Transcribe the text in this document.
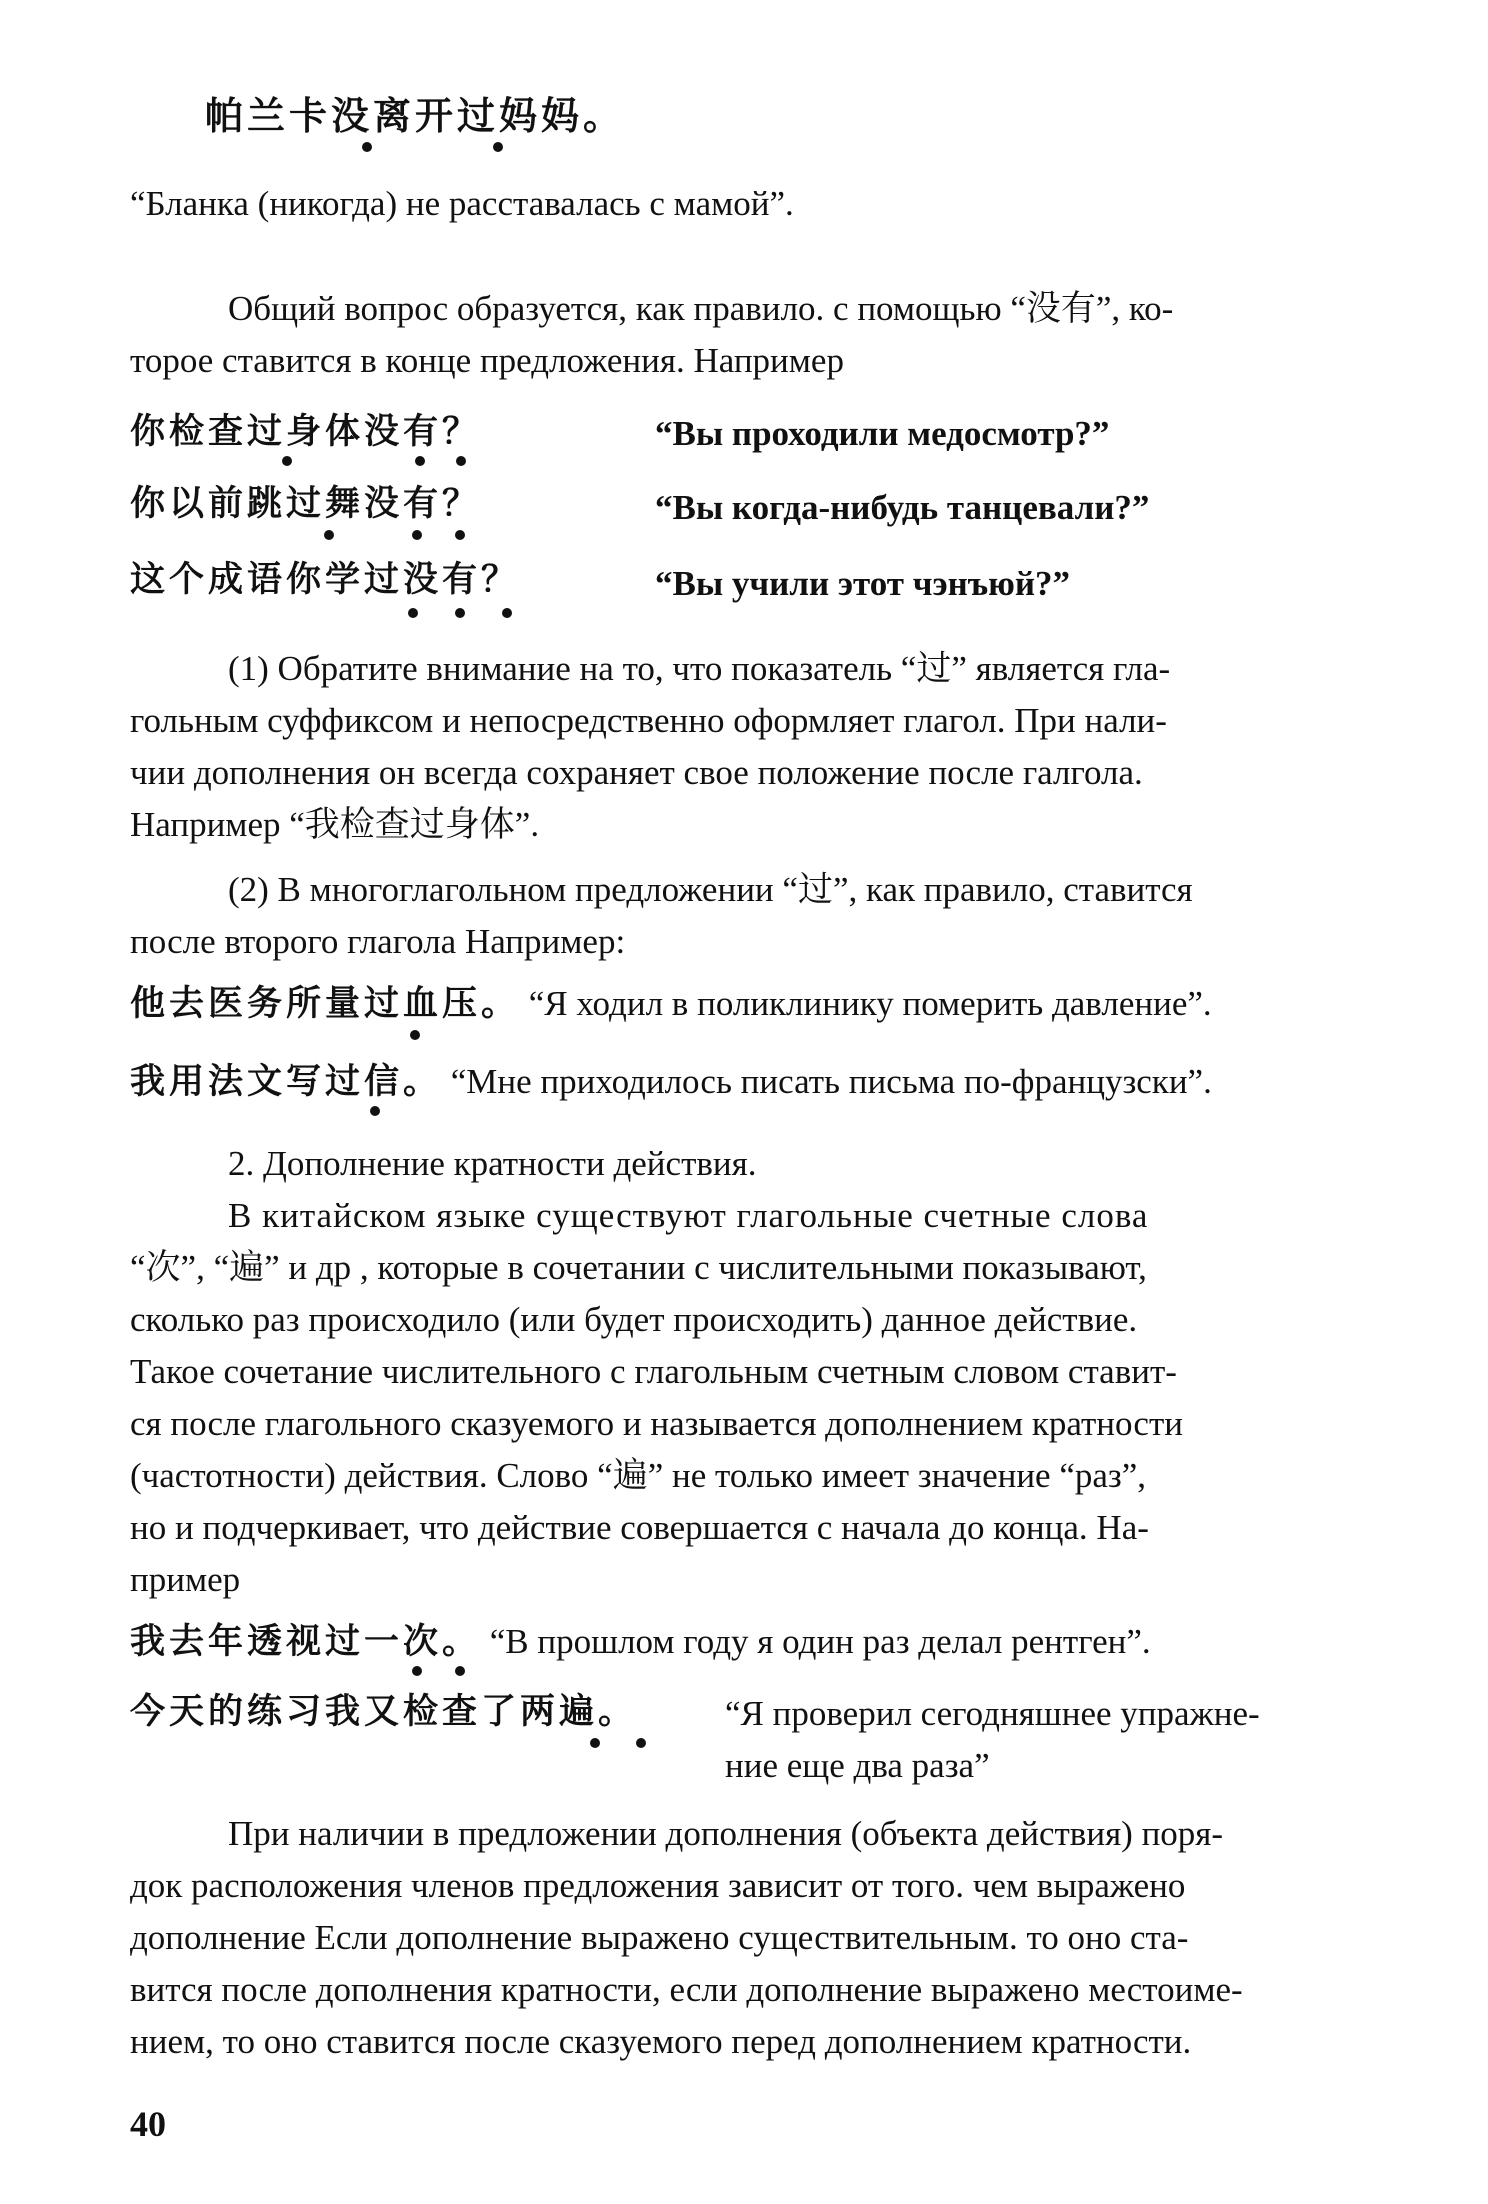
帕兰卡没离开过妈妈。
“Бланка (никогда) не расставалась с мамой”.
Общий вопрос образуется, как правило. с помощью “没有”, ко-
торое ставится в конце предложения. Например
你检查过身体没有？	“Вы проходили медосмотр?”
你以前跳过舞没有？	“Вы когда-нибудь танцевали?”
这个成语你学过没有？	“Вы учили этот чэнъюй?”
(1) Обратите внимание на то, что показатель “过” является гла-
гольным суффиксом и непосредственно оформляет глагол. При нали-
чии дополнения он всегда сохраняет свое положение после галгола.
Например “我检查过身体”.
(2) В многоглагольном предложении “过”, как правило, ставится
после второго глагола Например:
他去医务所量过血压。 “Я ходил в поликлинику померить давление”.
我用法文写过信。 “Мне приходилось писать письма по-французски”.
2. Дополнение кратности действия.
В китайском языке существуют глагольные счетные слова
“次”, “遍” и др , которые в сочетании с числительными показывают,
сколько раз происходило (или будет происходить) данное действие.
Такое сочетание числительного с глагольным счетным словом ставит-
ся после глагольного сказуемого и называется дополнением кратности
(частотности) действия. Слово “遍” не только имеет значение “раз”,
но и подчеркивает, что действие совершается с начала до конца. На-
пример
我去年透视过一次。 “В прошлом году я один раз делал рентген”.
今天的练习我又检查了两遍。	“Я проверил сегодняшнее упражне-
ние еще два раза”
При наличии в предложении дополнения (объекта действия) поря-
док расположения членов предложения зависит от того. чем выражено
дополнение Если дополнение выражено существительным. то оно ста-
вится после дополнения кратности, если дополнение выражено местоиме-
нием, то оно ставится после сказуемого перед дополнением кратности.
40
